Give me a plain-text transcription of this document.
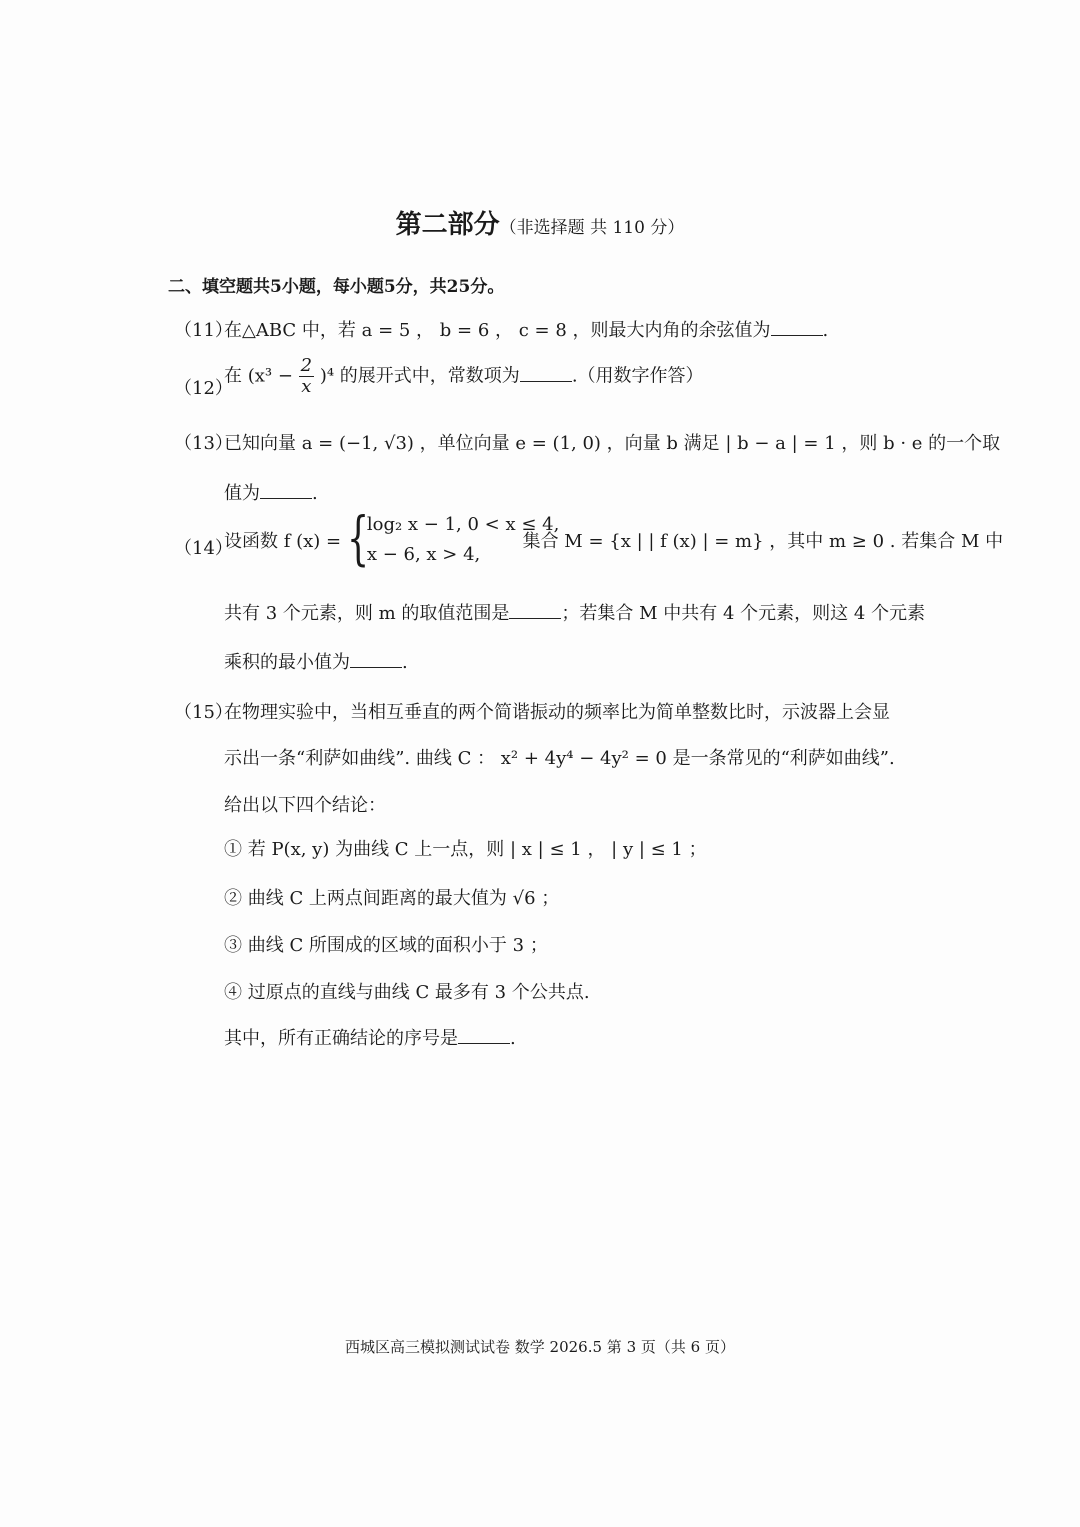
第二部分（非选择题 共 110 分）
二、填空题共5小题，每小题5分，共25分。
（11）
在△ABC 中，若 a = 5 ， b = 6 ， c = 8 ，则最大内角的余弦值为	.
（12）
在 $(x^3 - \frac{2}{x} )^4$ 的展开式中，常数项为	.（用数字作答）
（13）
已知向量 a = (−1, √3) ，单位向量 e = (1, 0) ，向量 b 满足 | b − a | = 1 ，则 b · e 的一个取
值为	.
（14）
设函数 f (x) = {
log₂ x − 1, 0 < x ≤ 4,
x − 6, x > 4,
集合 M = {x | | f (x) | = m} ，其中 m ≥ 0 . 若集合 M 中
共有 3 个元素，则 m 的取值范围是	；若集合 M 中共有 4 个元素，则这 4 个元素
乘积的最小值为	.
（15）
在物理实验中，当相互垂直的两个简谐振动的频率比为简单整数比时，示波器上会显
示出一条“利萨如曲线”. 曲线 C ： x² + 4y⁴ − 4y² = 0 是一条常见的“利萨如曲线”.
给出以下四个结论：
① 若 P(x, y) 为曲线 C 上一点，则 | x | ≤ 1 ， | y | ≤ 1 ；
② 曲线 C 上两点间距离的最大值为 √6 ；
③ 曲线 C 所围成的区域的面积小于 3 ；
④ 过原点的直线与曲线 C 最多有 3 个公共点.
其中，所有正确结论的序号是	.
西城区高三模拟测试试卷 数学 2026.5 第 3 页（共 6 页）
